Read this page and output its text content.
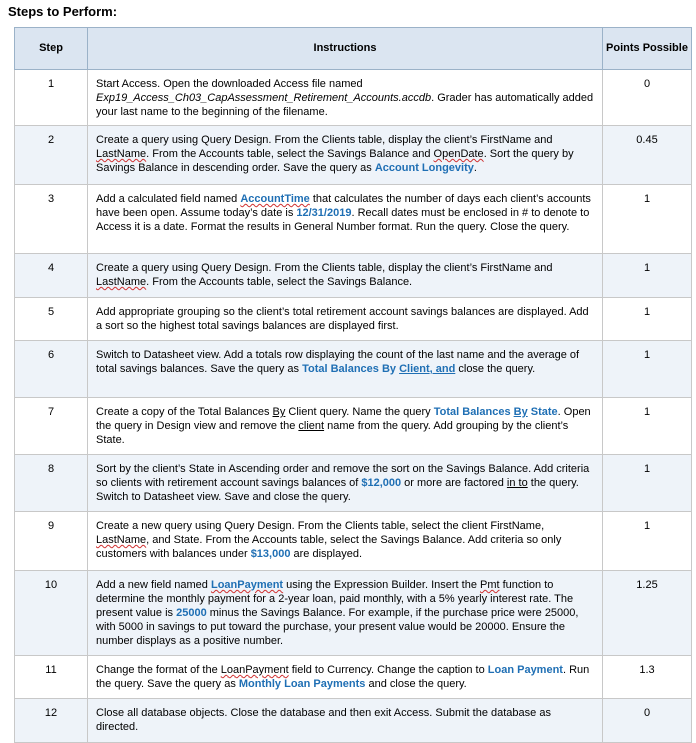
Steps to Perform:
Step	Instructions	Points Possible
1	Start Access. Open the downloaded Access file named Exp19_Access_Ch03_CapAssessment_Retirement_Accounts.accdb. Grader has automatically added your last name to the beginning of the filename.	0
2	Create a query using Query Design. From the Clients table, display the client’s FirstName and LastName. From the Accounts table, select the Savings Balance and OpenDate. Sort the query by Savings Balance in descending order. Save the query as Account Longevity.	0.45
3	Add a calculated field named AccountTime that calculates the number of days each client’s accounts have been open. Assume today’s date is 12/31/2019. Recall dates must be enclosed in # to denote to Access it is a date. Format the results in General Number format. Run the query. Close the query.	1
4	Create a query using Query Design. From the Clients table, display the client’s FirstName and LastName. From the Accounts table, select the Savings Balance.	1
5	Add appropriate grouping so the client’s total retirement account savings balances are displayed. Add a sort so the highest total savings balances are displayed first.	1
6	Switch to Datasheet view. Add a totals row displaying the count of the last name and the average of total savings balances. Save the query as Total Balances By Client, and close the query.	1
7	Create a copy of the Total Balances By Client query. Name the query Total Balances By State. Open the query in Design view and remove the client name from the query. Add grouping by the client’s State.	1
8	Sort by the client’s State in Ascending order and remove the sort on the Savings Balance. Add criteria so clients with retirement account savings balances of $12,000 or more are factored in to the query. Switch to Datasheet view. Save and close the query.	1
9	Create a new query using Query Design. From the Clients table, select the client FirstName, LastName, and State. From the Accounts table, select the Savings Balance. Add criteria so only customers with balances under $13,000 are displayed.	1
10	Add a new field named LoanPayment using the Expression Builder. Insert the Pmt function to determine the monthly payment for a 2-year loan, paid monthly, with a 5% yearly interest rate. The present value is 25000 minus the Savings Balance. For example, if the purchase price were 25000, with 5000 in savings to put toward the purchase, your present value would be 20000. Ensure the number displays as a positive number.	1.25
11	Change the format of the LoanPayment field to Currency. Change the caption to Loan Payment. Run the query. Save the query as Monthly Loan Payments and close the query.	1.3
12	Close all database objects. Close the database and then exit Access. Submit the database as directed.	0
